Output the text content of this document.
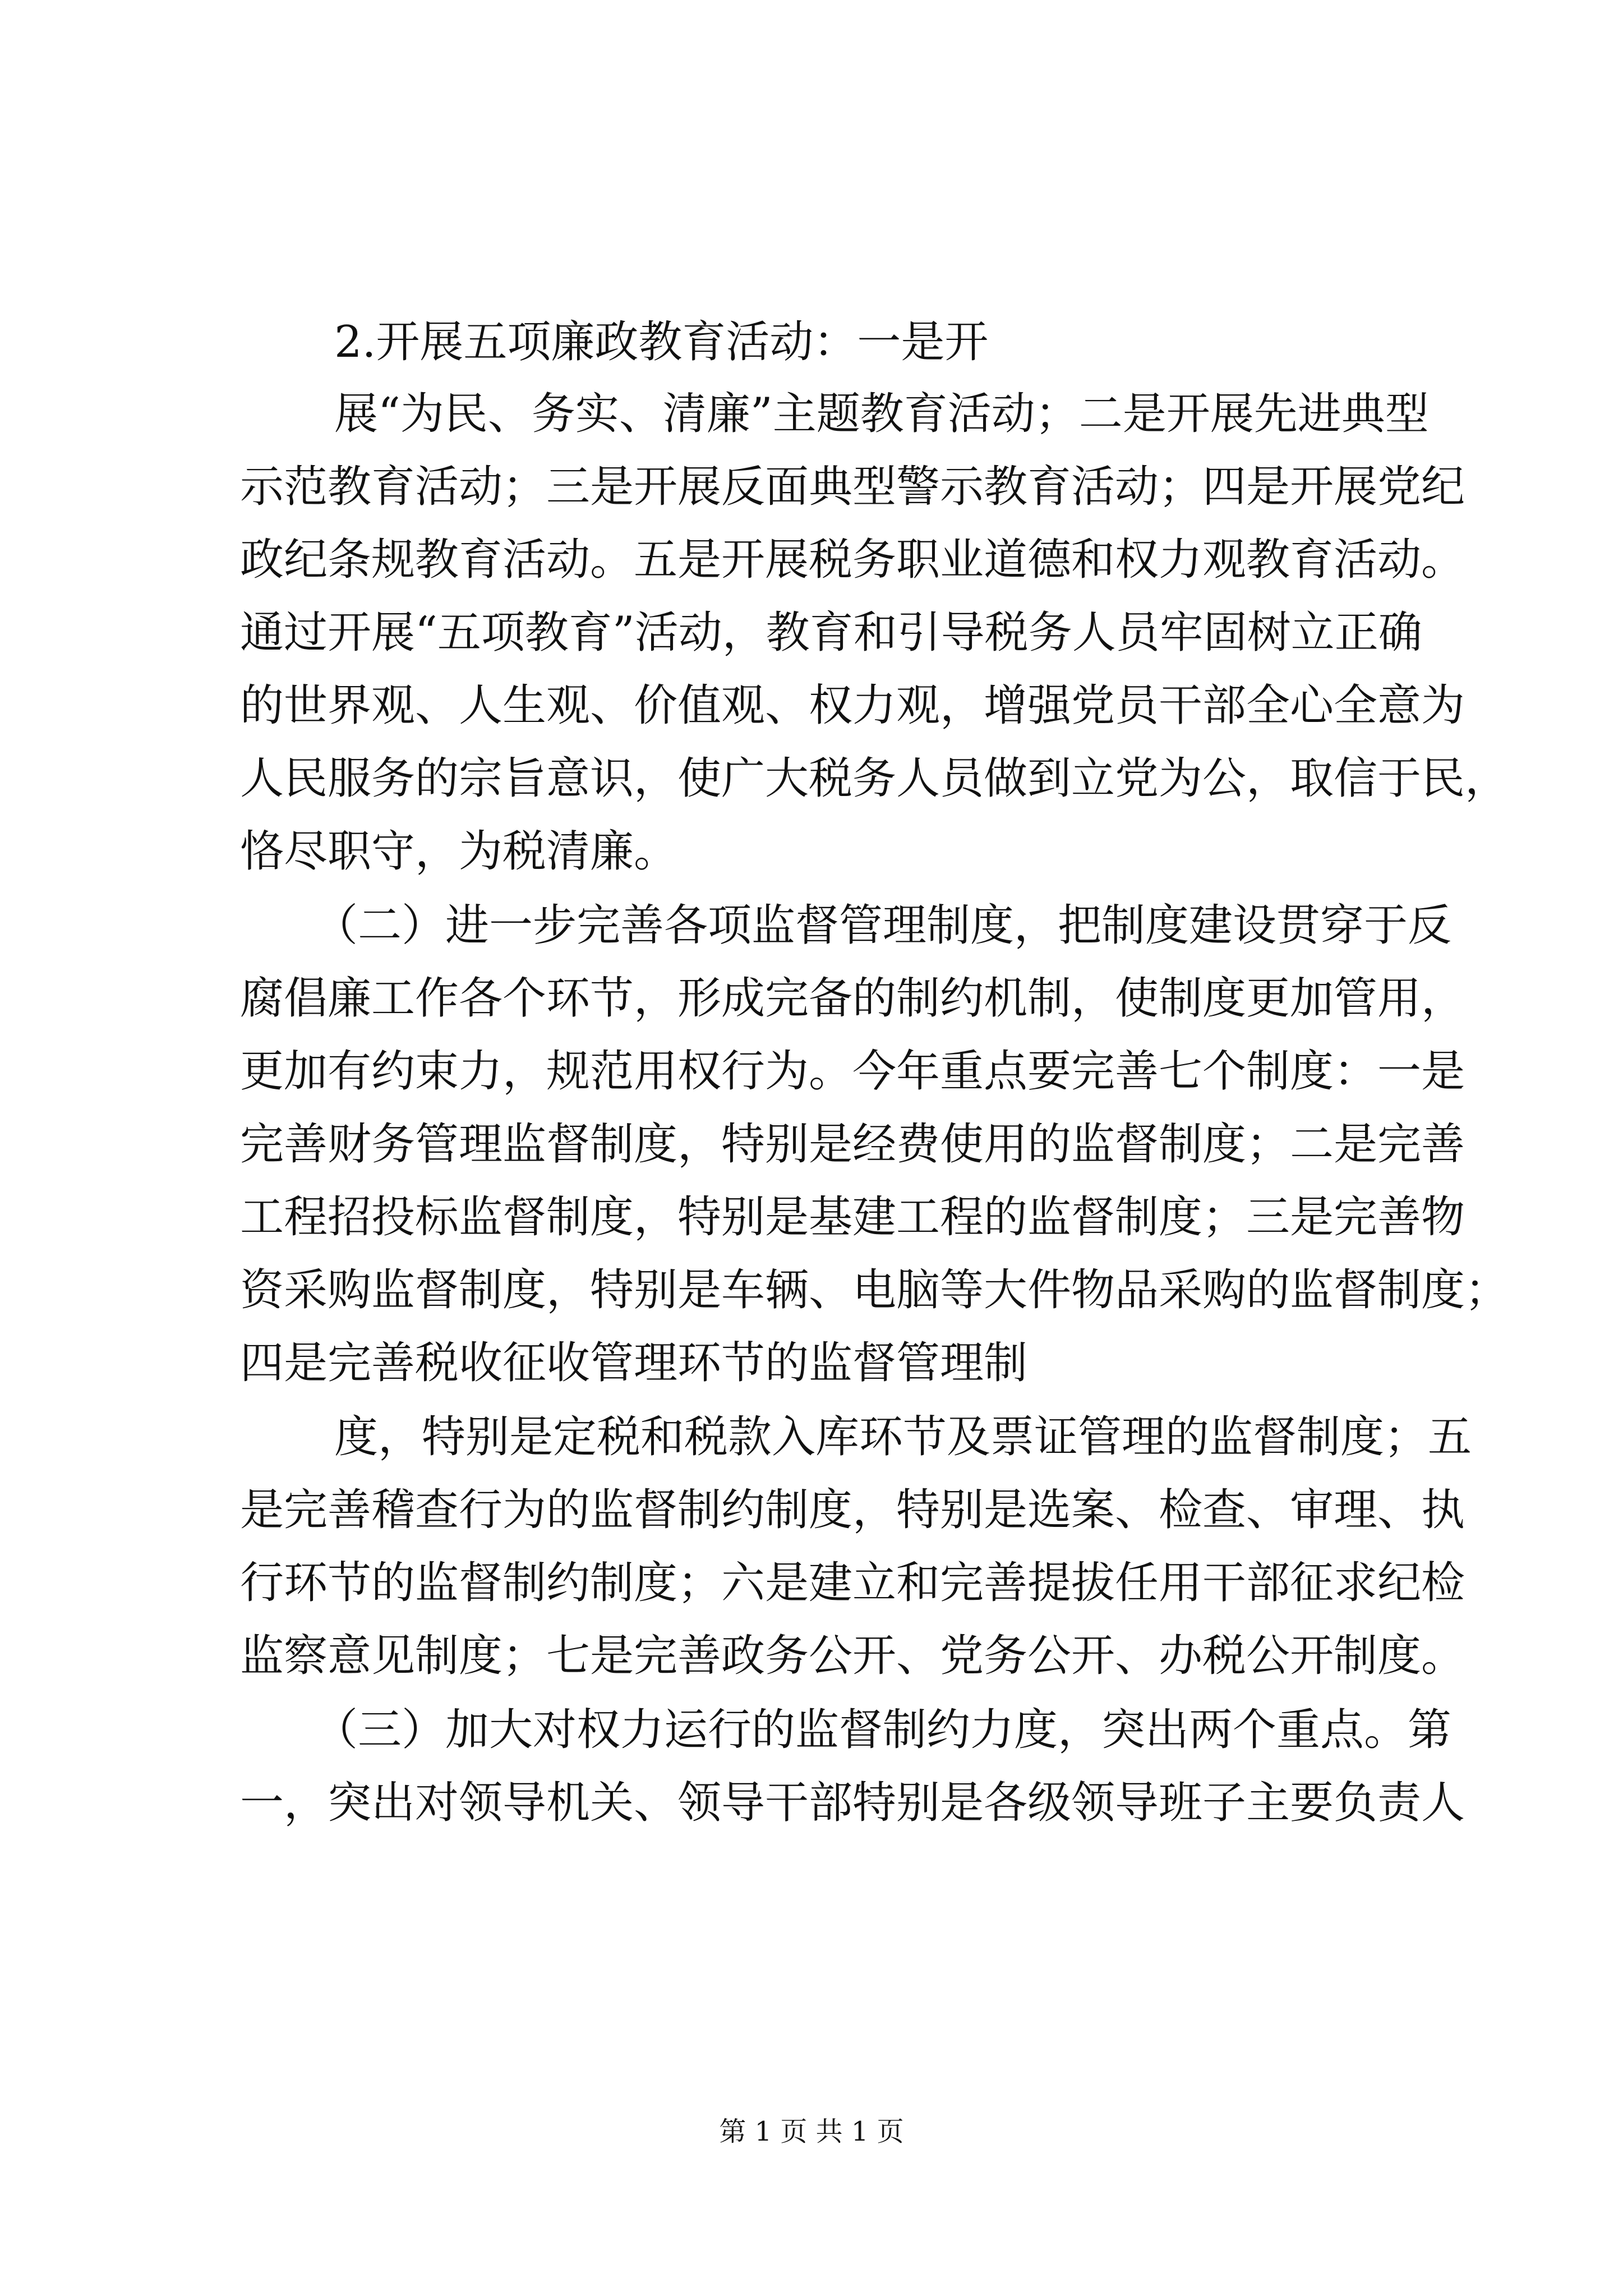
2.开展五项廉政教育活动：一是开
展“为民、务实、清廉”主题教育活动；二是开展先进典型
示范教育活动；三是开展反面典型警示教育活动；四是开展党纪
政纪条规教育活动。五是开展税务职业道德和权力观教育活动。
通过开展“五项教育”活动，教育和引导税务人员牢固树立正确
的世界观、人生观、价值观、权力观，增强党员干部全心全意为
人民服务的宗旨意识，使广大税务人员做到立党为公，取信于民，
恪尽职守，为税清廉。
（二）进一步完善各项监督管理制度，把制度建设贯穿于反
腐倡廉工作各个环节，形成完备的制约机制，使制度更加管用，
更加有约束力，规范用权行为。今年重点要完善七个制度：一是
完善财务管理监督制度，特别是经费使用的监督制度；二是完善
工程招投标监督制度，特别是基建工程的监督制度；三是完善物
资采购监督制度，特别是车辆、电脑等大件物品采购的监督制度；
四是完善税收征收管理环节的监督管理制
度，特别是定税和税款入库环节及票证管理的监督制度；五
是完善稽查行为的监督制约制度，特别是选案、检查、审理、执
行环节的监督制约制度；六是建立和完善提拔任用干部征求纪检
监察意见制度；七是完善政务公开、党务公开、办税公开制度。
（三）加大对权力运行的监督制约力度，突出两个重点。第
一，突出对领导机关、领导干部特别是各级领导班子主要负责人
第 1 页 共 1 页
